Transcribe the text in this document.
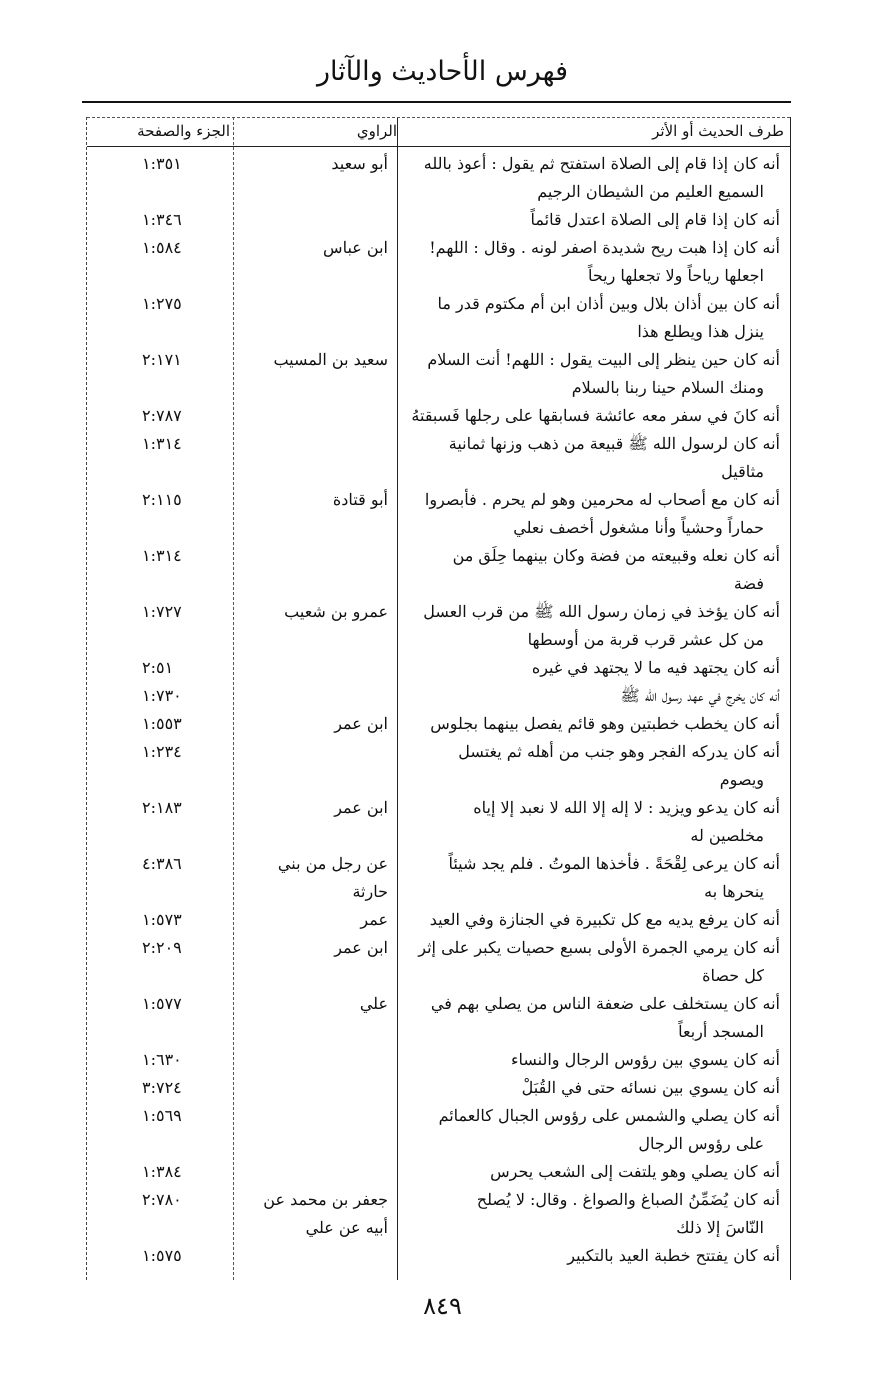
فهرس الأحاديث والآثار
طرف الحديث أو الأثر
الراوي
الجزء والصفحة
أنه كان إذا قام إلى الصلاة استفتح ثم يقول : أعوذ بالله
السميع العليم من الشيطان الرجيم
أبو سعيد
١:٣٥١
أنه كان إذا قام إلى الصلاة اعتدل قائماً
١:٣٤٦
أنه كان إذا هبت ريح شديدة اصفر لونه . وقال : اللهم!
اجعلها رياحاً ولا تجعلها ريحاً
ابن عباس
١:٥٨٤
أنه كان بين أذان بلال وبين أذان ابن أم مكتوم قدر ما
ينزل هذا ويطلع هذا
١:٢٧٥
أنه كان حين ينظر إلى البيت يقول : اللهم! أنت السلام
ومنك السلام حينا ربنا بالسلام
سعيد بن المسيب
٢:١٧١
أنه كانَ في سفر معه عائشة فسابقها على رجلها فَسبقتهُ
٢:٧٨٧
أنه كان لرسول الله ﷺ قبيعة من ذهب وزنها ثمانية
مثاقيل
١:٣١٤
أنه كان مع أصحاب له محرمين وهو لم يحرم . فأبصروا
حماراً وحشياً وأنا مشغول أخصف نعلي
أبو قتادة
٢:١١٥
أنه كان نعله وقبيعته من فضة وكان بينهما حِلَق من
فضة
١:٣١٤
أنه كان يؤخذ في زمان رسول الله ﷺ من قرب العسل
من كل عشر قرب قربة من أوسطها
عمرو بن شعيب
١:٧٢٧
أنه كان يجتهد فيه ما لا يجتهد في غيره
٢:٥١
أنه كان يخرج في عهد رسول الله ﷺ
١:٧٣٠
أنه كان يخطب خطبتين وهو قائم يفصل بينهما بجلوس
ابن عمر
١:٥٥٣
أنه كان يدركه الفجر وهو جنب من أهله ثم يغتسل
ويصوم
١:٢٣٤
أنه كان يدعو ويزيد : لا إله إلا الله لا نعبد إلا إياه
مخلصين له
ابن عمر
٢:١٨٣
أنه كان يرعى لِقْحَةً . فأخذها الموتُ . فلم يجد شيئاً
ينحرها به
عن رجل من بني حارثة
٤:٣٨٦
أنه كان يرفع يديه مع كل تكبيرة في الجنازة وفي العيد
عمر
١:٥٧٣
أنه كان يرمي الجمرة الأولى بسبع حصيات يكبر على إثر
كل حصاة
ابن عمر
٢:٢٠٩
أنه كان يستخلف على ضعفة الناس من يصلي بهم في
المسجد أربعاً
علي
١:٥٧٧
أنه كان يسوي بين رؤوس الرجال والنساء
١:٦٣٠
أنه كان يسوي بين نسائه حتى في القُبَلْ
٣:٧٢٤
أنه كان يصلي والشمس على رؤوس الجبال كالعمائم
على رؤوس الرجال
١:٥٦٩
أنه كان يصلي وهو يلتفت إلى الشعب يحرس
١:٣٨٤
أنه كان يُضَمِّنُ الصباغ والصواغ . وقال: لا يُصلح
النّاسَ إلا ذلك
جعفر بن محمد عن أبيه عن علي
٢:٧٨٠
أنه كان يفتتح خطبة العيد بالتكبير
١:٥٧٥
٨٤٩
